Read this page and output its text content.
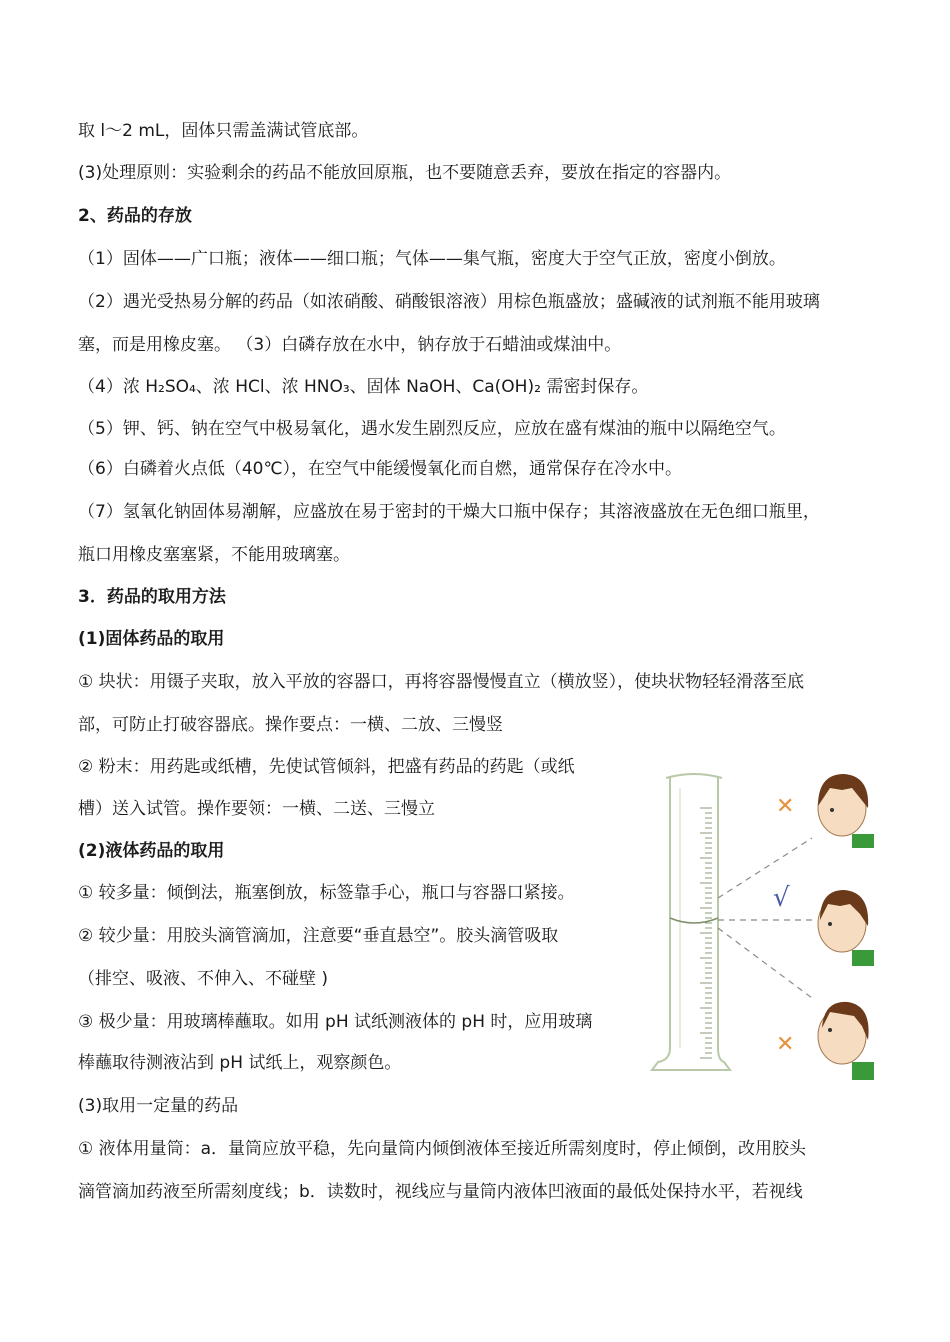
取 l～2 mL，固体只需盖满试管底部。
(3)处理原则：实验剩余的药品不能放回原瓶，也不要随意丢弃，要放在指定的容器内。
2、药品的存放
（1）固体——广口瓶；液体——细口瓶；气体——集气瓶，密度大于空气正放，密度小倒放。
（2）遇光受热易分解的药品（如浓硝酸、硝酸银溶液）用棕色瓶盛放；盛碱液的试剂瓶不能用玻璃
塞，而是用橡皮塞。 （3）白磷存放在水中，钠存放于石蜡油或煤油中。
（4）浓 H₂SO₄、浓 HCl、浓 HNO₃、固体 NaOH、Ca(OH)₂ 需密封保存。
（5）钾、钙、钠在空气中极易氧化，遇水发生剧烈反应，应放在盛有煤油的瓶中以隔绝空气。
（6）白磷着火点低（40℃），在空气中能缓慢氧化而自燃，通常保存在冷水中。
（7）氢氧化钠固体易潮解，应盛放在易于密封的干燥大口瓶中保存；其溶液盛放在无色细口瓶里，
瓶口用橡皮塞塞紧，不能用玻璃塞。
3．药品的取用方法
(1)固体药品的取用
① 块状：用镊子夹取，放入平放的容器口，再将容器慢慢直立（横放竖），使块状物轻轻滑落至底
部，可防止打破容器底。操作要点：一横、二放、三慢竖
② 粉末：用药匙或纸槽，先使试管倾斜，把盛有药品的药匙（或纸
槽）送入试管。操作要领：一横、二送、三慢立
(2)液体药品的取用
① 较多量：倾倒法，瓶塞倒放，标签靠手心，瓶口与容器口紧接。
② 较少量：用胶头滴管滴加，注意要“垂直悬空”。胶头滴管吸取
（排空、吸液、不伸入、不碰壁 )
③ 极少量：用玻璃棒蘸取。如用 pH 试纸测液体的 pH 时，应用玻璃
棒蘸取待测液沾到 pH 试纸上，观察颜色。
(3)取用一定量的药品
① 液体用量筒：a．量筒应放平稳，先向量筒内倾倒液体至接近所需刻度时，停止倾倒，改用胶头
滴管滴加药液至所需刻度线；b．读数时，视线应与量筒内液体凹液面的最低处保持水平，若视线
✕
√
✕
